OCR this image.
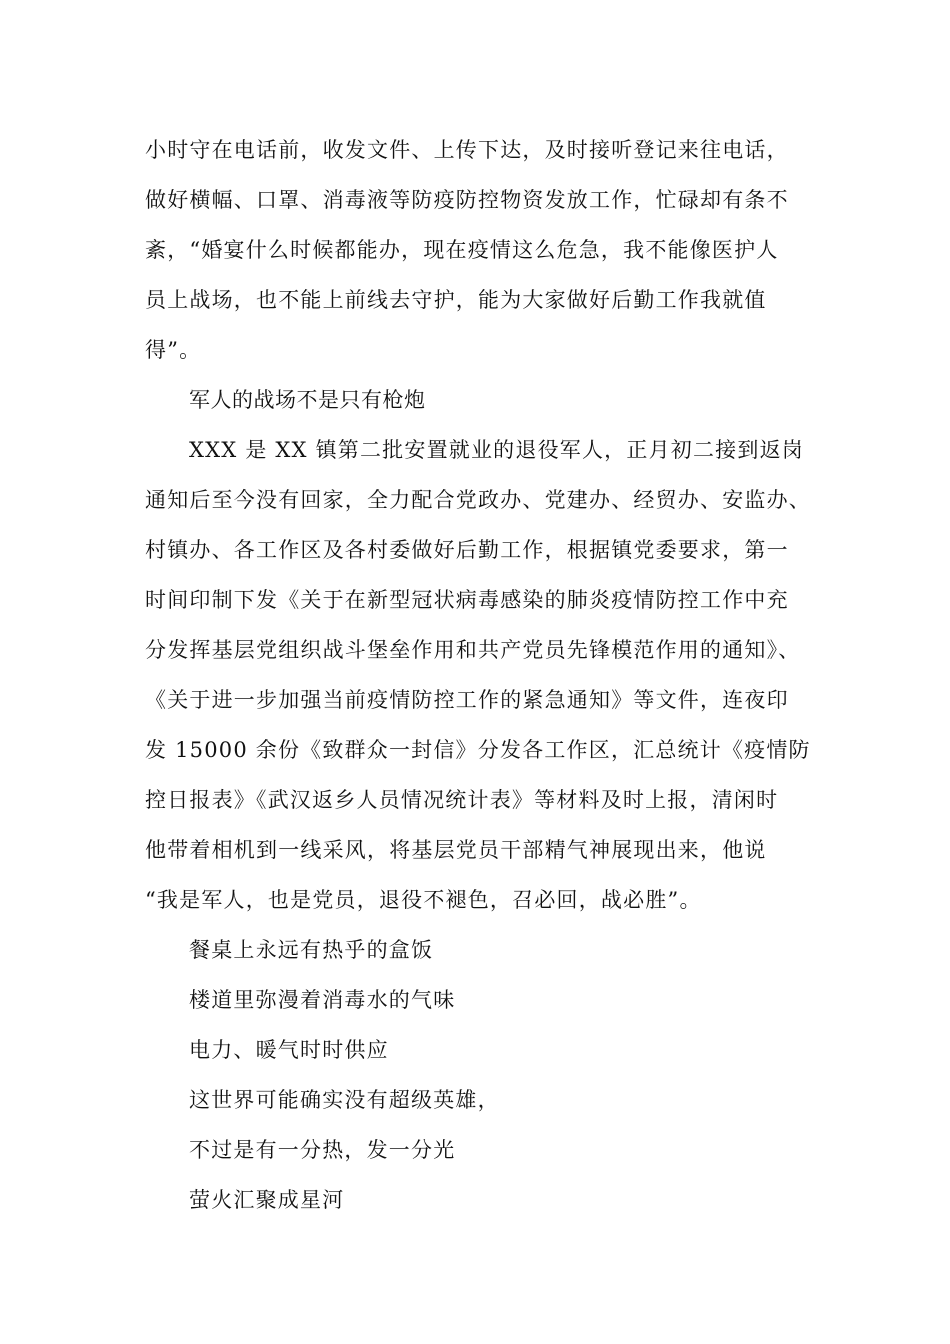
小时守在电话前，收发文件、上传下达，及时接听登记来往电话，
做好横幅、口罩、消毒液等防疫防控物资发放工作，忙碌却有条不
紊，“婚宴什么时候都能办，现在疫情这么危急，我不能像医护人
员上战场，也不能上前线去守护，能为大家做好后勤工作我就值
得”。
军人的战场不是只有枪炮
XXX 是 XX 镇第二批安置就业的退役军人，正月初二接到返岗
通知后至今没有回家，全力配合党政办、党建办、经贸办、安监办、
村镇办、各工作区及各村委做好后勤工作，根据镇党委要求，第一
时间印制下发《关于在新型冠状病毒感染的肺炎疫情防控工作中充
分发挥基层党组织战斗堡垒作用和共产党员先锋模范作用的通知》、
《关于进一步加强当前疫情防控工作的紧急通知》等文件，连夜印
发 15000 余份《致群众一封信》分发各工作区，汇总统计《疫情防
控日报表》《武汉返乡人员情况统计表》等材料及时上报，清闲时
他带着相机到一线采风，将基层党员干部精气神展现出来，他说
“我是军人，也是党员，退役不褪色，召必回，战必胜”。
餐桌上永远有热乎的盒饭
楼道里弥漫着消毒水的气味
电力、暖气时时供应
这世界可能确实没有超级英雄，
不过是有一分热，发一分光
萤火汇聚成星河
